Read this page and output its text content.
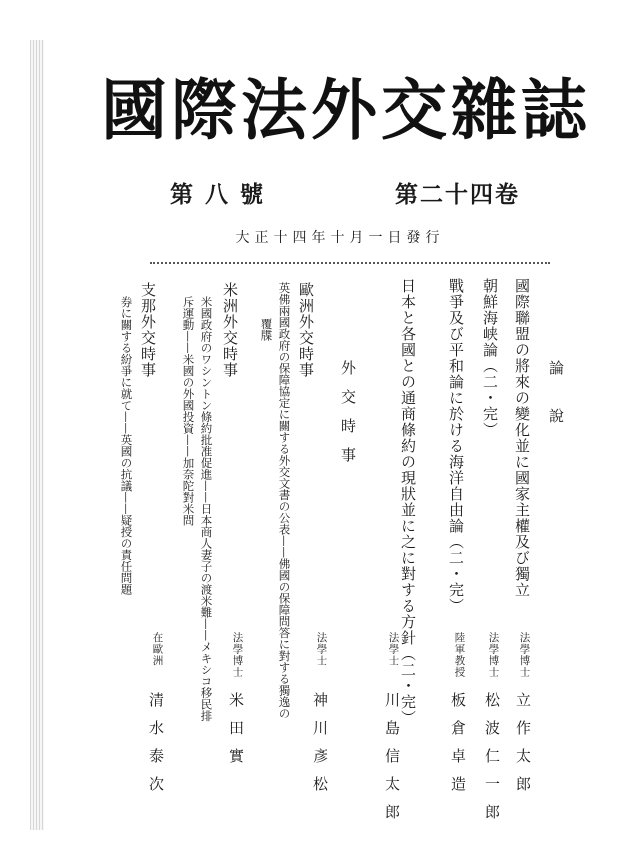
國際法外交雜誌
第 八 號	第二十四卷
大正十四年十月一日發行
論 說
國際聯盟の將來の變化並に國家主權及び獨立
法學博士
立作太郎
朝鮮海峡論（二・完）
法學博士
松波仁一郎
戰爭及び平和論に於ける海洋自由論（二・完）
陸軍教授
板倉卓造
日本と各國との通商條約の現狀並に之に對する方針（二・完）
法學士
川島信太郎
外交時事
歐洲外交時事
英佛兩國政府の保障協定に關する外交文書の公表——佛國の保障問答に對する獨逸の
覆牒
法學士
神川彥松
米洲外交時事
米國政府のワシントン條約批准促進——日本商人妻子の渡米難——メキシコ移民排
斥運動——米國の外國投資——加奈陀對米問
法學博士
米田實
支那外交時事
券に關する紛爭に就て——英國の抗議——疑授の責任問題
在歐洲
清水泰次
